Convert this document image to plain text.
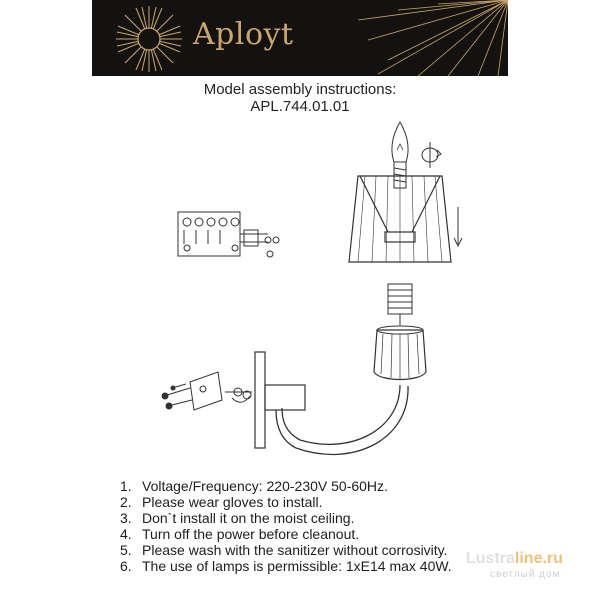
Aployt
Model assembly instructions:
APL.744.01.01
1. Voltage/Frequency: 220-230V 50-60Hz.
2. Please wear gloves to install.
3. Don`t install it on the moist ceiling.
4. Turn off the power before cleanout.
5. Please wash with the sanitizer without corrosivity.
6. The use of lamps is permissible: 1xE14 max 40W. Lustraline.ru
светлый дом
